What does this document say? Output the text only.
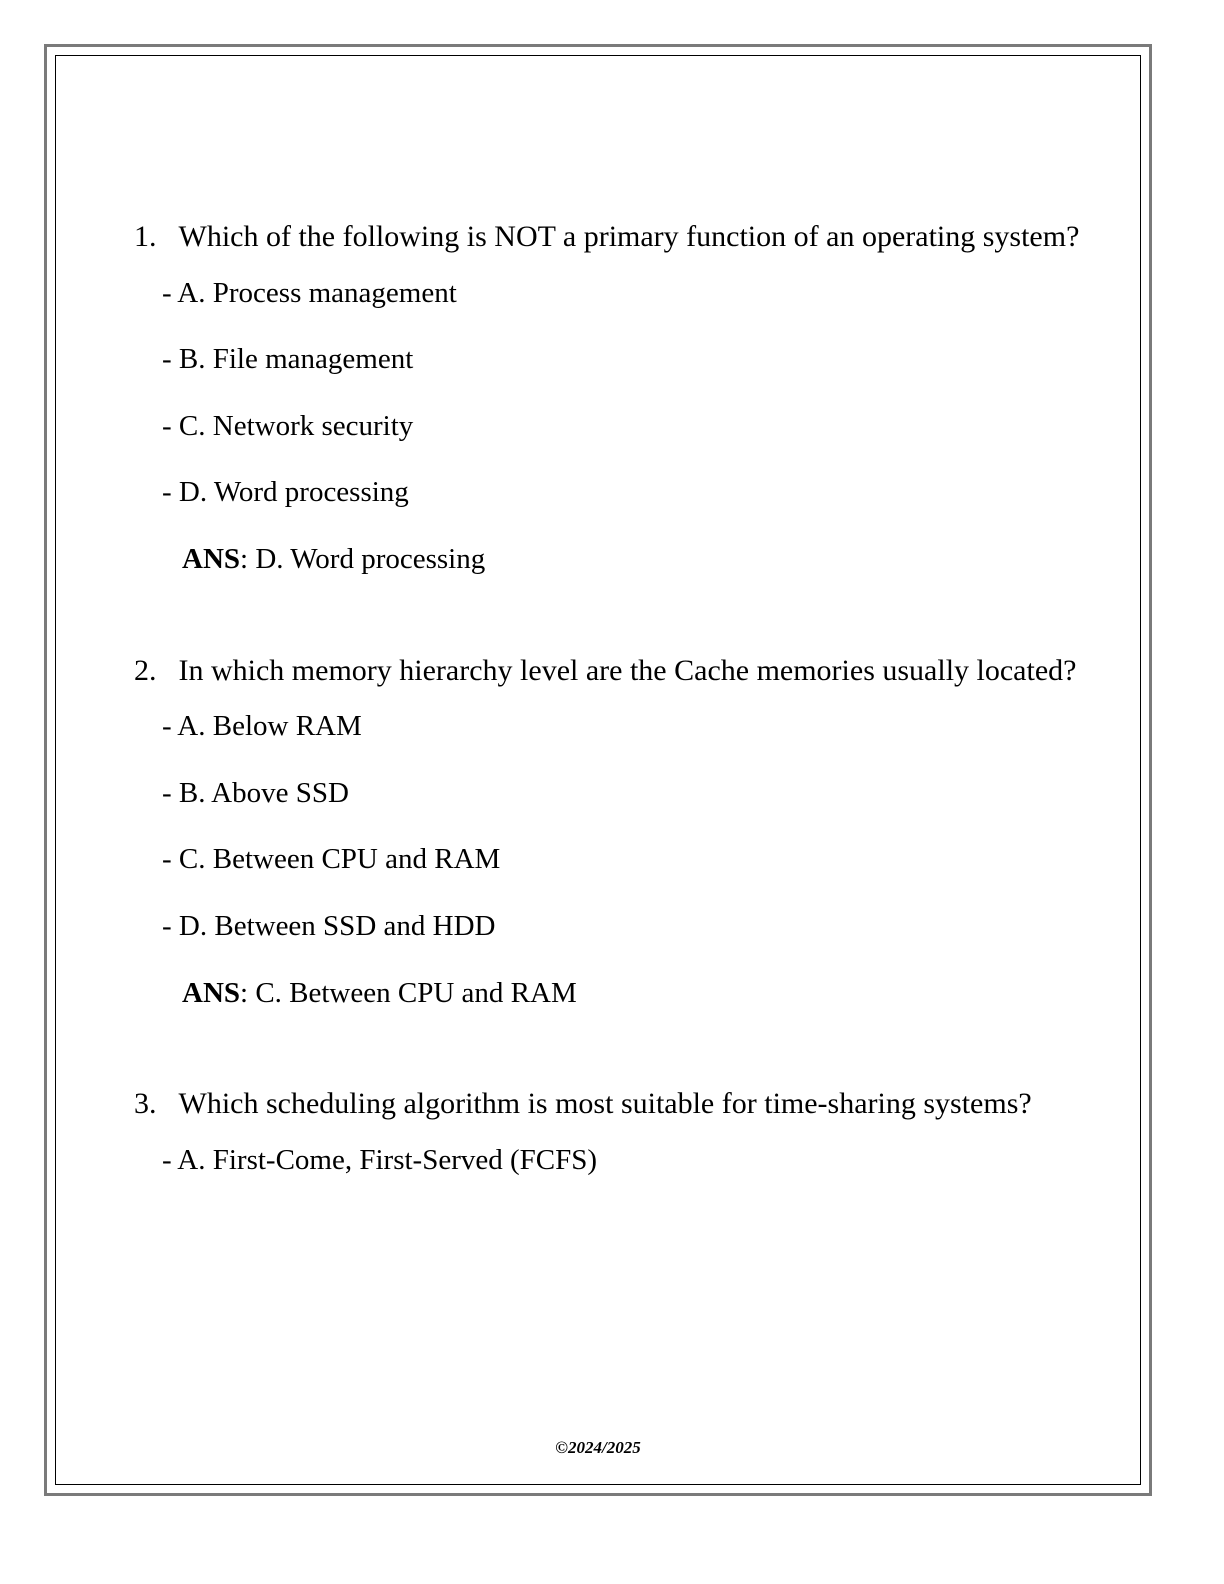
1. Which of the following is NOT a primary function of an operating system?

- A. Process management

- B. File management

- C. Network security

- D. Word processing

ANS: D. Word processing

2. In which memory hierarchy level are the Cache memories usually located?

- A. Below RAM

- B. Above SSD

- C. Between CPU and RAM

- D. Between SSD and HDD

ANS: C. Between CPU and RAM

3. Which scheduling algorithm is most suitable for time-sharing systems?

- A. First-Come, First-Served (FCFS)

©2024/2025
